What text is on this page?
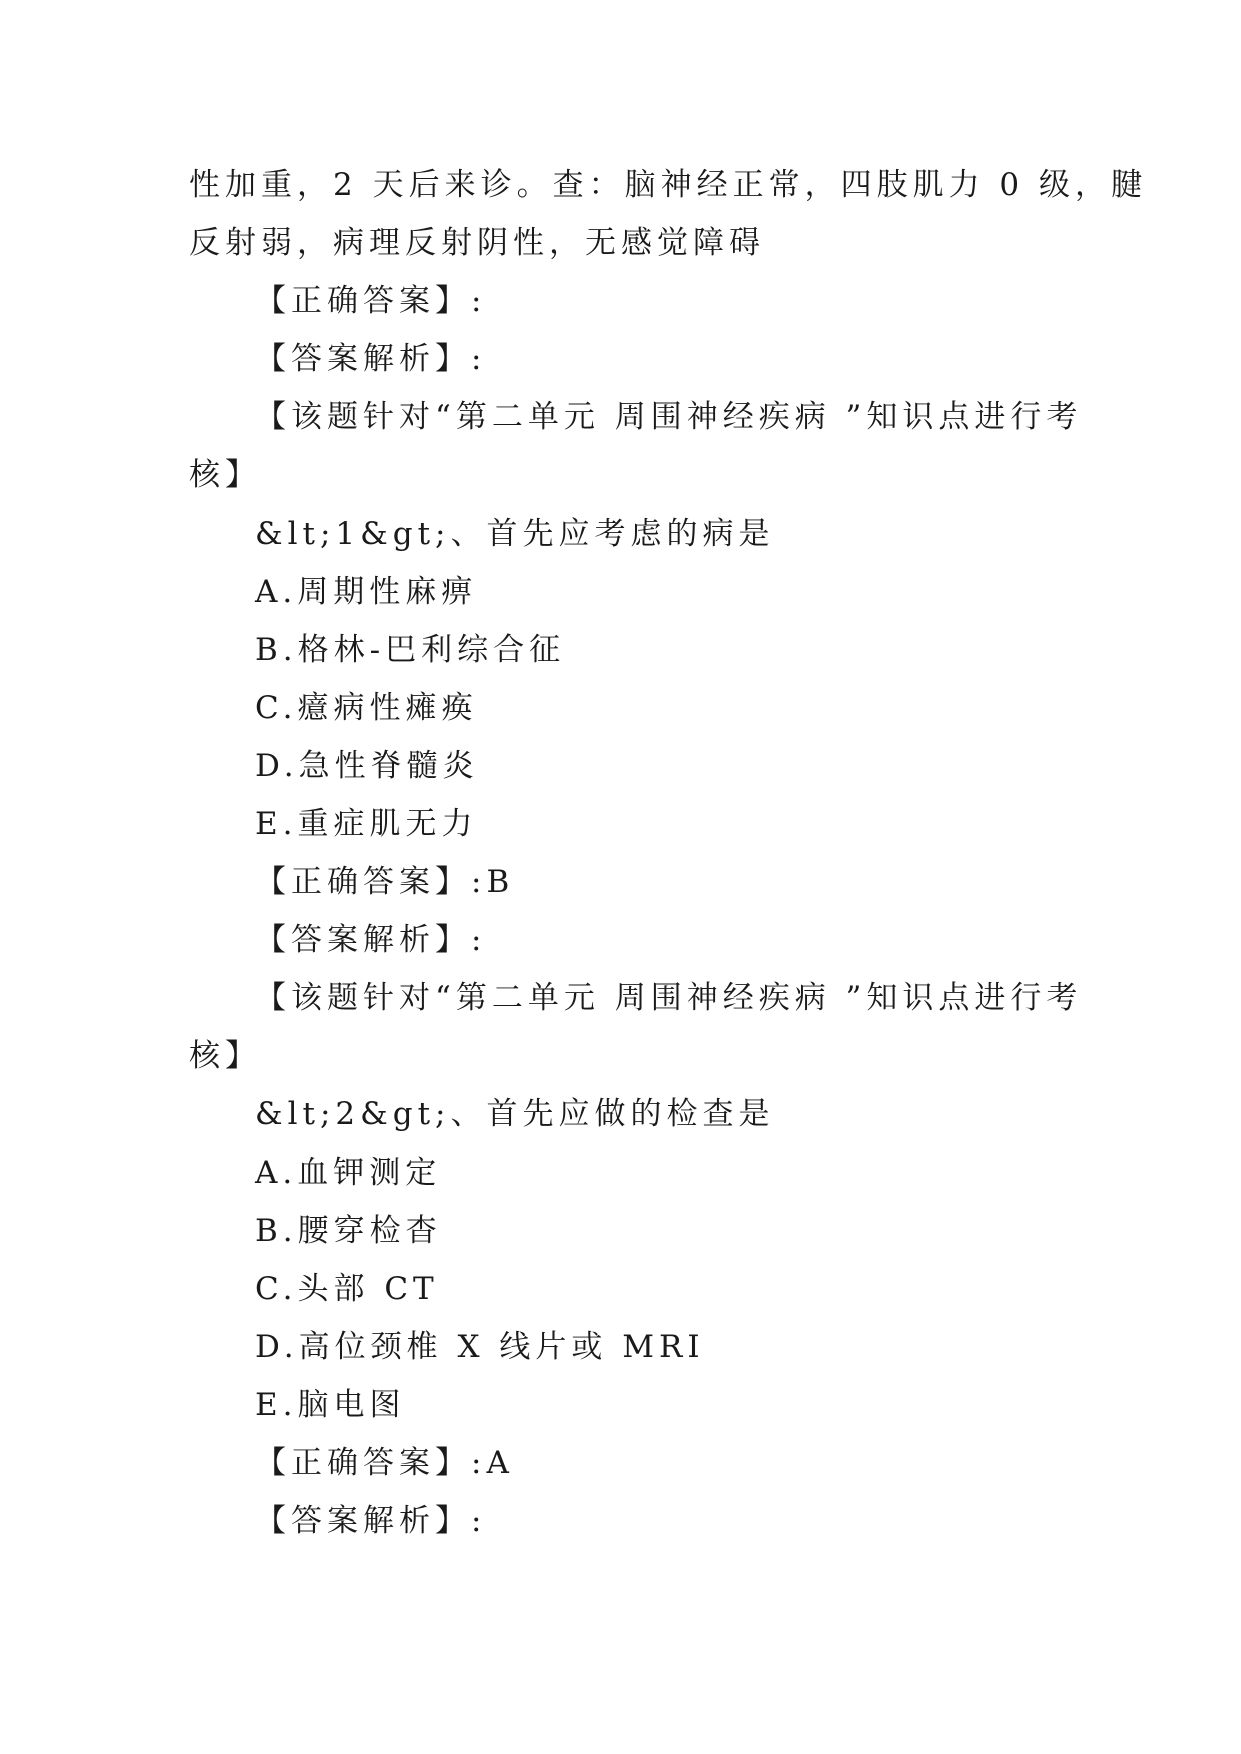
性加重，2 天后来诊。查：脑神经正常，四肢肌力 0 级，腱
反射弱，病理反射阴性，无感觉障碍
【正确答案】:
【答案解析】:
【该题针对“第二单元 周围神经疾病 ”知识点进行考
核】
&lt;1&gt;、首先应考虑的病是
A.周期性麻痹
B.格林-巴利综合征
C.癔病性瘫痪
D.急性脊髓炎
E.重症肌无力
【正确答案】:B
【答案解析】:
【该题针对“第二单元 周围神经疾病 ”知识点进行考
核】
&lt;2&gt;、首先应做的检查是
A.血钾测定
B.腰穿检杳
C.头部 CT
D.高位颈椎 X 线片或 MRI
E.脑电图
【正确答案】:A
【答案解析】:
